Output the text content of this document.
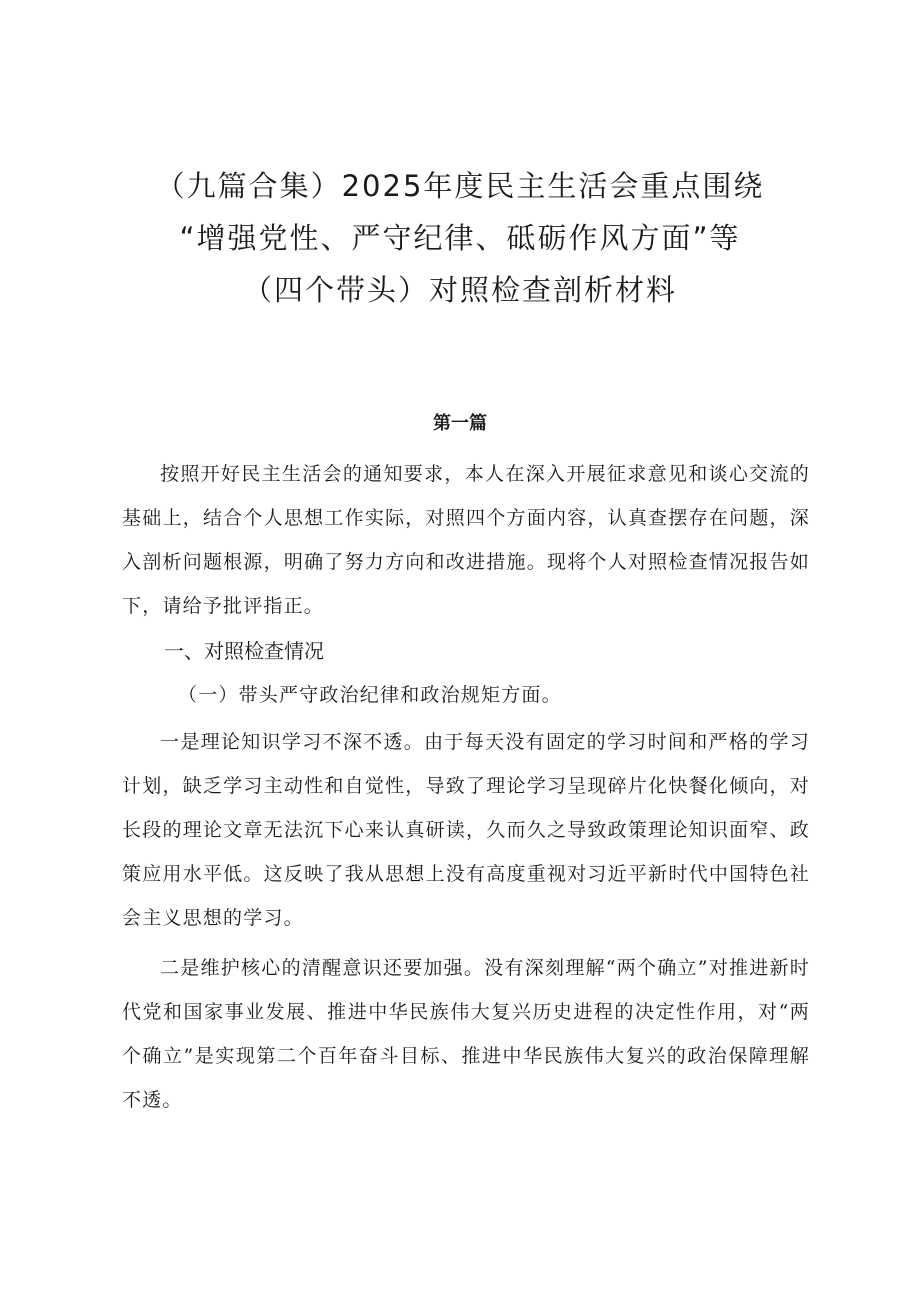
（九篇合集）2025年度民主生活会重点围绕
“增强党性、严守纪律、砥砺作风方面”等
（四个带头）对照检查剖析材料
第一篇

按照开好民主生活会的通知要求，本人在深入开展征求意见和谈心交流的基础上，结合个人思想工作实际，对照四个方面内容，认真查摆存在问题，深入剖析问题根源，明确了努力方向和改进措施。现将个人对照检查情况报告如下，请给予批评指正。

一、对照检查情况
（一）带头严守政治纪律和政治规矩方面。

一是理论知识学习不深不透。由于每天没有固定的学习时间和严格的学习计划，缺乏学习主动性和自觉性，导致了理论学习呈现碎片化快餐化倾向，对长段的理论文章无法沉下心来认真研读，久而久之导致政策理论知识面窄、政策应用水平低。这反映了我从思想上没有高度重视对习近平新时代中国特色社会主义思想的学习。

二是维护核心的清醒意识还要加强。没有深刻理解“两个确立”对推进新时代党和国家事业发展、推进中华民族伟大复兴历史进程的决定性作用，对“两个确立”是实现第二个百年奋斗目标、推进中华民族伟大复兴的政治保障理解不透。
